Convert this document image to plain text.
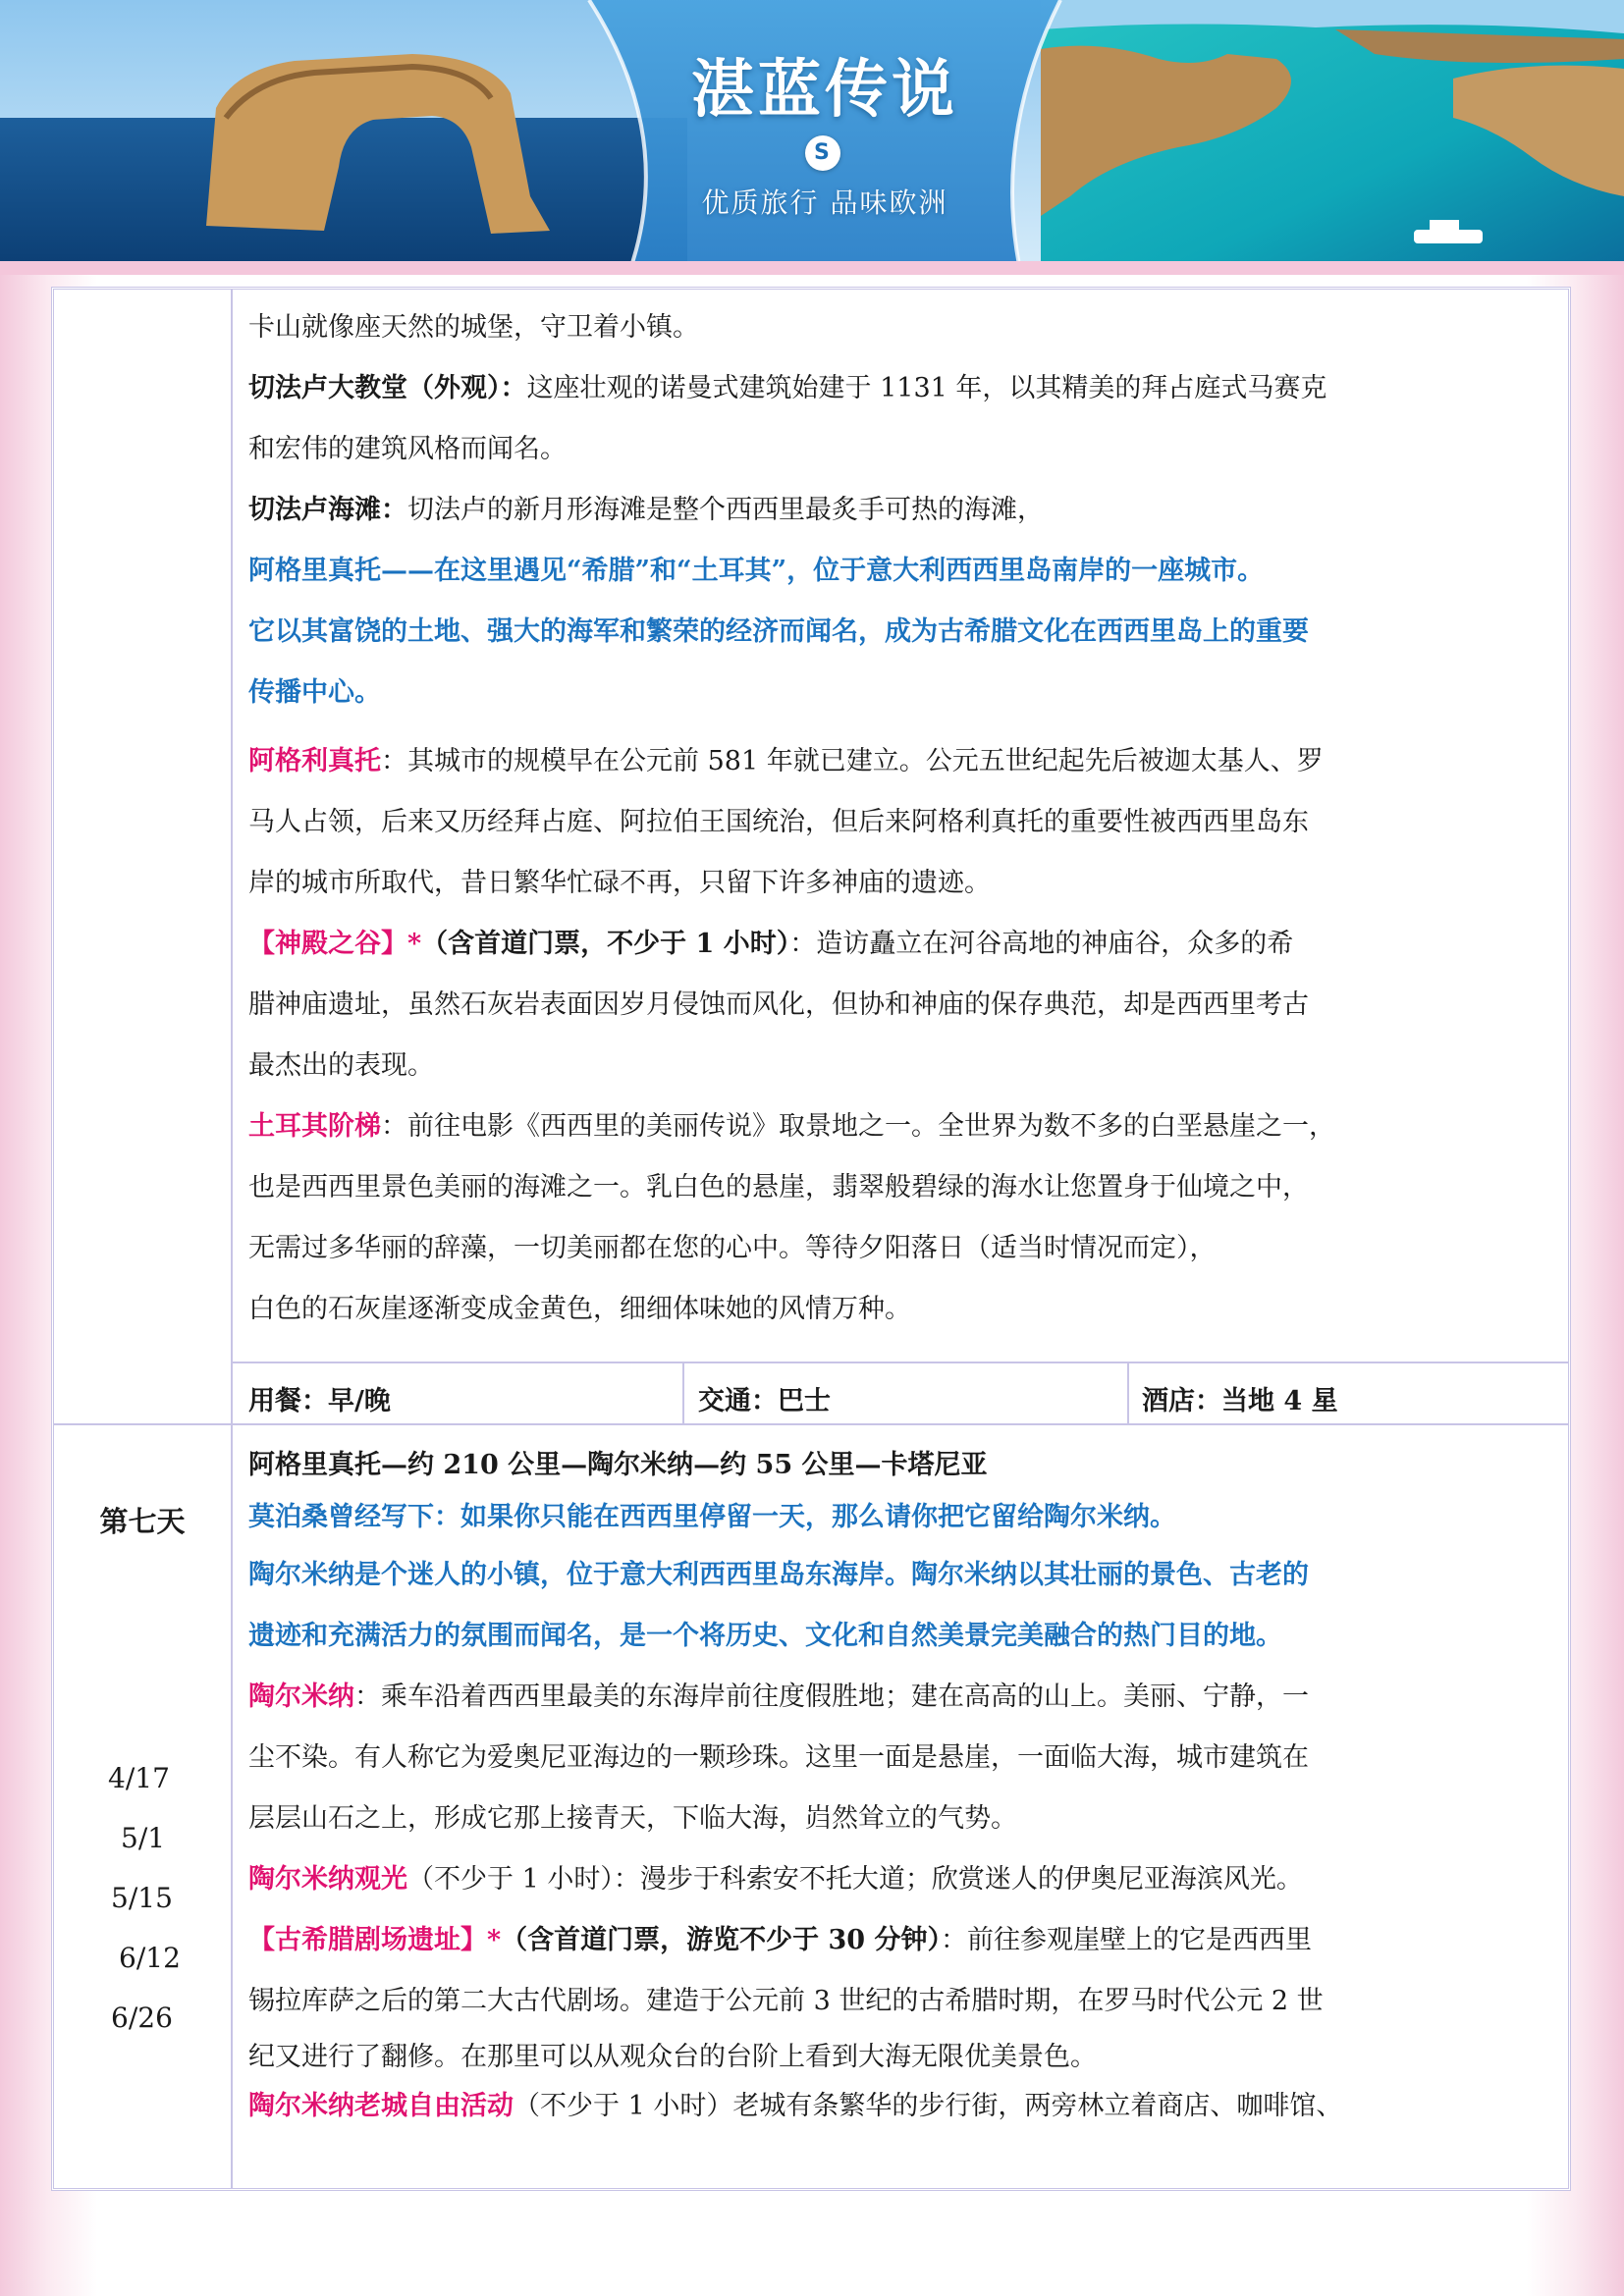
湛蓝传说
S
优质旅行 品味欧洲

卡山就像座天然的城堡，守卫着小镇。

切法卢大教堂（外观）：这座壮观的诺曼式建筑始建于 1131 年，以其精美的拜占庭式马赛克

和宏伟的建筑风格而闻名。

切法卢海滩：切法卢的新月形海滩是整个西西里最炙手可热的海滩，

阿格里真托——在这里遇见“希腊”和“土耳其”，位于意大利西西里岛南岸的一座城市。

它以其富饶的土地、强大的海军和繁荣的经济而闻名，成为古希腊文化在西西里岛上的重要

传播中心。

阿格利真托：其城市的规模早在公元前 581 年就已建立。公元五世纪起先后被迦太基人、罗

马人占领，后来又历经拜占庭、阿拉伯王国统治，但后来阿格利真托的重要性被西西里岛东

岸的城市所取代，昔日繁华忙碌不再，只留下许多神庙的遗迹。

【神殿之谷】*（含首道门票，不少于 1 小时）：造访矗立在河谷高地的神庙谷，众多的希

腊神庙遗址，虽然石灰岩表面因岁月侵蚀而风化，但协和神庙的保存典范，却是西西里考古

最杰出的表现。

土耳其阶梯：前往电影《西西里的美丽传说》取景地之一。全世界为数不多的白垩悬崖之一，

也是西西里景色美丽的海滩之一。乳白色的悬崖，翡翠般碧绿的海水让您置身于仙境之中，

无需过多华丽的辞藻，一切美丽都在您的心中。等待夕阳落日（适当时情况而定），

白色的石灰崖逐渐变成金黄色，细细体味她的风情万种。

用餐：早/晚	交通：巴士	酒店：当地 4 星
第七天
4/17
5/1
5/15
6/12
6/26

阿格里真托—约 210 公里—陶尔米纳—约 55 公里—卡塔尼亚

莫泊桑曾经写下：如果你只能在西西里停留一天，那么请你把它留给陶尔米纳。

陶尔米纳是个迷人的小镇，位于意大利西西里岛东海岸。陶尔米纳以其壮丽的景色、古老的

遗迹和充满活力的氛围而闻名，是一个将历史、文化和自然美景完美融合的热门目的地。

陶尔米纳：乘车沿着西西里最美的东海岸前往度假胜地；建在高高的山上。美丽、宁静，一

尘不染。有人称它为爱奥尼亚海边的一颗珍珠。这里一面是悬崖，一面临大海，城市建筑在

层层山石之上，形成它那上接青天，下临大海，岿然耸立的气势。

陶尔米纳观光（不少于 1 小时）：漫步于科索安不托大道；欣赏迷人的伊奥尼亚海滨风光。

【古希腊剧场遗址】*（含首道门票，游览不少于 30 分钟）：前往参观崖壁上的它是西西里

锡拉库萨之后的第二大古代剧场。建造于公元前 3 世纪的古希腊时期，在罗马时代公元 2 世

纪又进行了翻修。在那里可以从观众台的台阶上看到大海无限优美景色。

陶尔米纳老城自由活动（不少于 1 小时）老城有条繁华的步行街，两旁林立着商店、咖啡馆、
